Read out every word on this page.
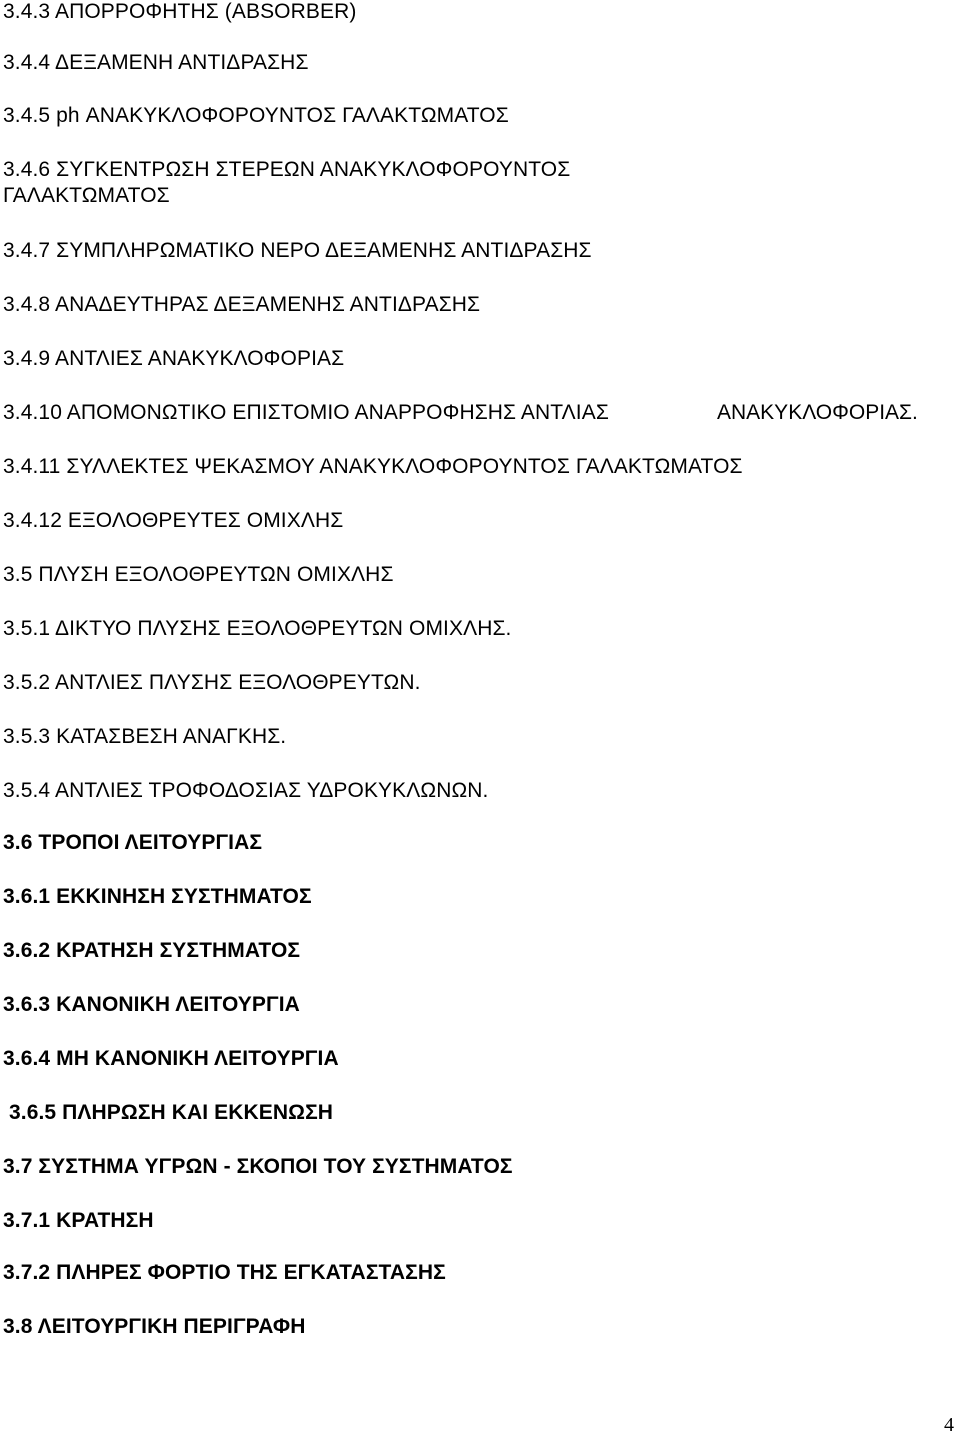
3.4.3 ΑΠΟΡΡΟΦΗΤΗΣ (ABSORBER)
3.4.4 ΔΕΞΑΜΕΝΗ ΑΝΤΙΔΡΑΣΗΣ
3.4.5 ph ΑΝΑΚΥΚΛΟΦΟΡΟΥΝΤΟΣ ΓΑΛΑΚΤΩΜΑΤΟΣ
3.4.6 ΣΥΓΚΕΝΤΡΩΣΗ ΣΤΕΡΕΩΝ ΑΝΑΚΥΚΛΟΦΟΡΟΥΝΤΟΣ ΓΑΛΑΚΤΩΜΑΤΟΣ
3.4.7 ΣΥΜΠΛΗΡΩΜΑΤΙΚΟ ΝΕΡΟ ΔΕΞΑΜΕΝΗΣ ΑΝΤΙΔΡΑΣΗΣ
3.4.8 ΑΝΑΔΕΥΤΗΡΑΣ ΔΕΞΑΜΕΝΗΣ ΑΝΤΙΔΡΑΣΗΣ
3.4.9 ΑΝΤΛΙΕΣ ΑΝΑΚΥΚΛΟΦΟΡΙΑΣ
3.4.10 ΑΠΟΜΟΝΩΤΙΚΟ ΕΠΙΣΤΟΜΙΟ ΑΝΑΡΡΟΦΗΣΗΣ ΑΝΤΛΙΑΣ	ΑΝΑΚΥΚΛΟΦΟΡΙΑΣ.
3.4.11 ΣΥΛΛΕΚΤΕΣ ΨΕΚΑΣΜΟΥ ΑΝΑΚΥΚΛΟΦΟΡΟΥΝΤΟΣ ΓΑΛΑΚΤΩΜΑΤΟΣ
3.4.12 ΕΞΟΛΟΘΡΕΥΤΕΣ ΟΜΙΧΛΗΣ
3.5 ΠΛΥΣΗ ΕΞΟΛΟΘΡΕΥΤΩΝ ΟΜΙΧΛΗΣ
3.5.1 ΔΙΚΤΥΟ ΠΛΥΣΗΣ ΕΞΟΛΟΘΡΕΥΤΩΝ ΟΜΙΧΛΗΣ.
3.5.2 ΑΝΤΛΙΕΣ ΠΛΥΣΗΣ ΕΞΟΛΟΘΡΕΥΤΩΝ.
3.5.3 ΚΑΤΑΣΒΕΣΗ ΑΝΑΓΚΗΣ.
3.5.4 ΑΝΤΛΙΕΣ ΤΡΟΦΟΔΟΣΙΑΣ ΥΔΡΟΚΥΚΛΩΝΩΝ.
3.6 ΤΡΟΠΟΙ ΛΕΙΤΟΥΡΓΙΑΣ
3.6.1 ΕΚΚΙΝΗΣΗ ΣΥΣΤΗΜΑΤΟΣ
3.6.2 ΚΡΑΤΗΣΗ ΣΥΣΤΗΜΑΤΟΣ
3.6.3 ΚΑΝΟΝΙΚΗ ΛΕΙΤΟΥΡΓΙΑ
3.6.4 ΜΗ ΚΑΝΟΝΙΚΗ ΛΕΙΤΟΥΡΓΙΑ
3.6.5 ΠΛΗΡΩΣΗ ΚΑΙ ΕΚΚΕΝΩΣΗ
3.7 ΣΥΣΤΗΜΑ ΥΓΡΩΝ - ΣΚΟΠΟΙ ΤΟΥ ΣΥΣΤΗΜΑΤΟΣ
3.7.1 ΚΡΑΤΗΣΗ
3.7.2 ΠΛΗΡΕΣ ΦΟΡΤΙΟ ΤΗΣ ΕΓΚΑΤΑΣΤΑΣΗΣ
3.8 ΛΕΙΤΟΥΡΓΙΚΗ ΠΕΡΙΓΡΑΦΗ
4
